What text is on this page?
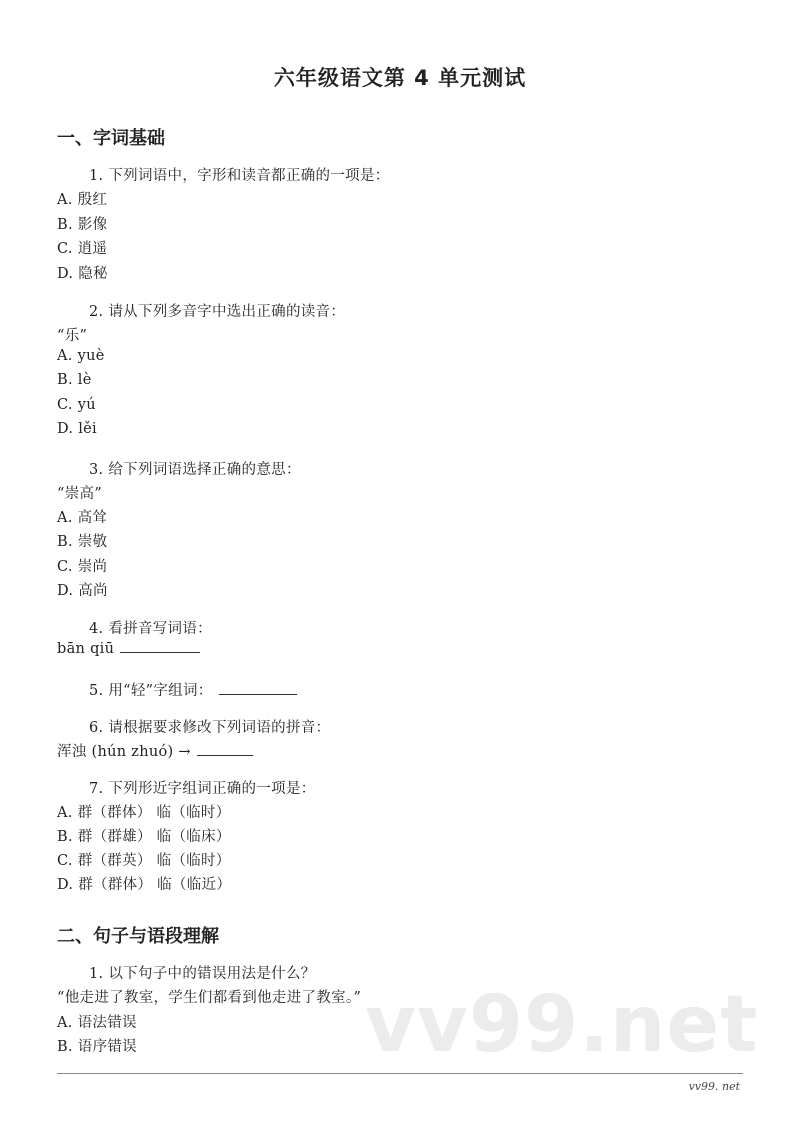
六年级语文第 4 单元测试
一、字词基础
1. 下列词语中，字形和读音都正确的一项是：
A. 殷红
B. 影像
C. 逍遥
D. 隐秘
2. 请从下列多音字中选出正确的读音：
“乐”
A. yuè
B. lè
C. yú
D. lěi
3. 给下列词语选择正确的意思：
“崇高”
A. 高耸
B. 崇敬
C. 崇尚
D. 高尚
4. 看拼音写词语：
bān qiū
5. 用“轻”字组词：
6. 请根据要求修改下列词语的拼音：
浑浊 (hún zhuó) →
7. 下列形近字组词正确的一项是：
A. 群（群体） 临（临时）
B. 群（群雄） 临（临床）
C. 群（群英） 临（临时）
D. 群（群体） 临（临近）
二、句子与语段理解
1. 以下句子中的错误用法是什么？
“他走进了教室，学生们都看到他走进了教室。”
A. 语法错误
B. 语序错误	vv99.net
vv99. net
